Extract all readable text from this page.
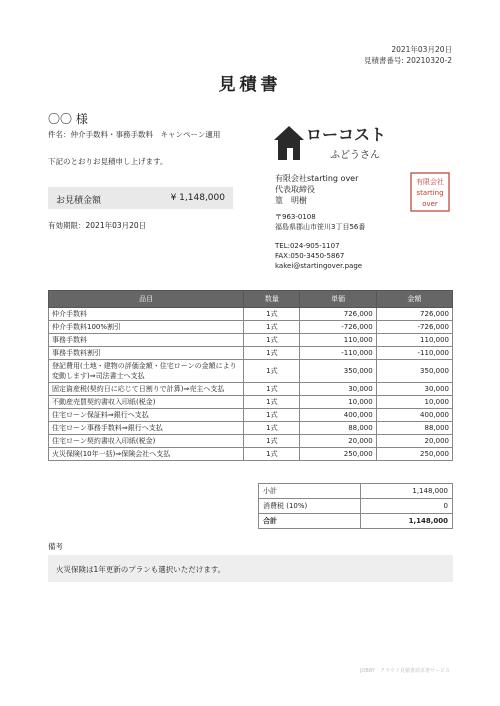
2021年03月20日
見積書番号: 20210320-2
見積書
〇〇 様
件名：仲介手数料・事務手数料　キャンペーン適用
下記のとおりお見積申し上げます。
お見積金額	¥ 1,148,000
有効期限：2021年03月20日
ローコスト
ふどうさん
有限会社starting over
代表取締役
篁　明樹
〒963-0108
福島県郡山市笹川3丁目56番
TEL:024-905-1107
FAX:050-3450-5867
kakei@startingover.page
有限会社
starting
over
品目	数量	単価	金額
仲介手数料	1式	726,000	726,000
仲介手数料100%割引	1式	-726,000	-726,000
事務手数料	1式	110,000	110,000
事務手数料割引	1式	-110,000	-110,000
登記費用(土地・建物の評価金額・住宅ローンの金額により変動します)⇒司法書士へ支払	1式	350,000	350,000
固定資産税(契約日に応じて日割りで計算)⇒売主へ支払	1式	30,000	30,000
不動産売買契約書収入印紙(税金)	1式	10,000	10,000
住宅ローン保証料⇒銀行へ支払	1式	400,000	400,000
住宅ローン事務手数料⇒銀行へ支払	1式	88,000	88,000
住宅ローン契約書収入印紙(税金)	1式	20,000	20,000
火災保険(10年一括)⇒保険会社へ支払	1式	250,000	250,000
小計	1,148,000
消費税 (10%)	0
合計	1,148,000
備考
火災保険は1年更新のプランも選択いただけます。
JOBBY　クラウド見積書請求書サービス
